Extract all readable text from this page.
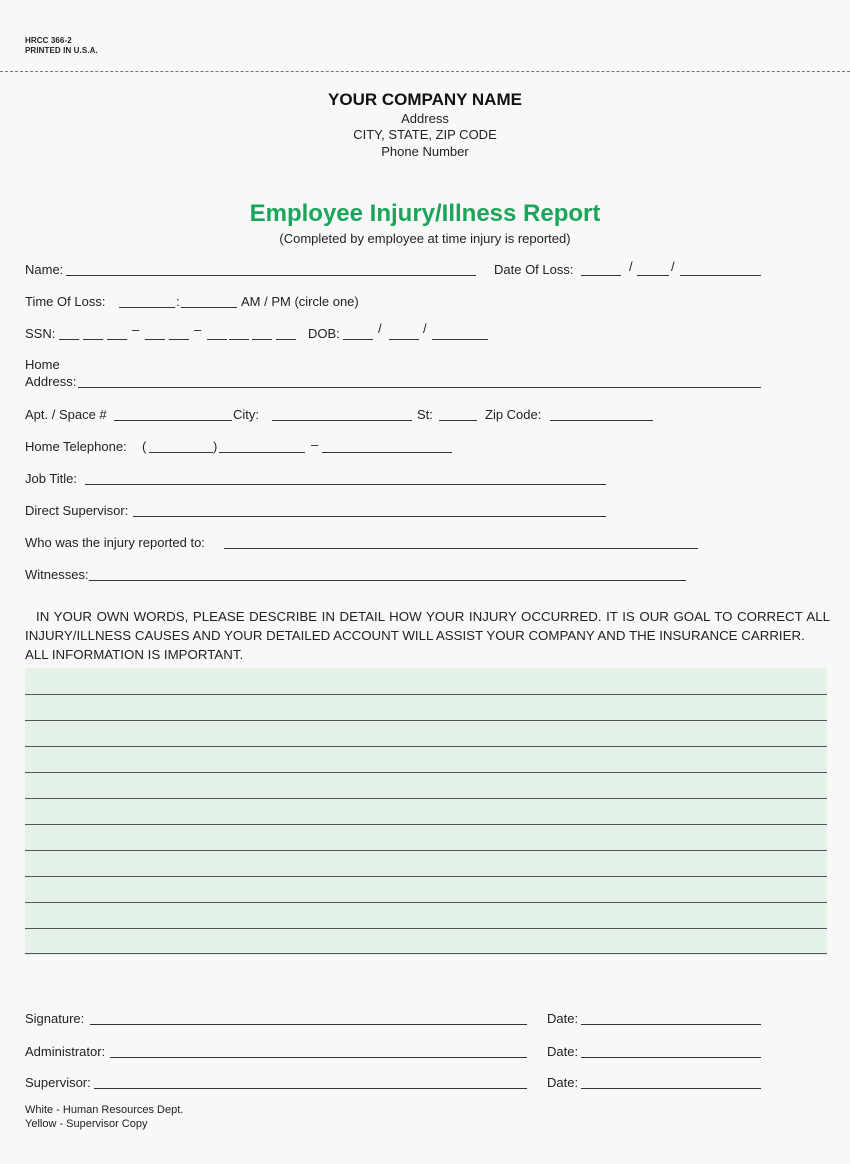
HRCC 366-2
PRINTED IN U.S.A.
YOUR COMPANY NAME
Address
CITY, STATE, ZIP CODE
Phone Number
Employee Injury/Illness Report
(Completed by employee at time injury is reported)
Name:	Date Of Loss:	/	/
Time Of Loss:	:	AM / PM (circle one)
SSN:	–	–	DOB:	/	/
Home
Address:
Apt. / Space #	City:	St:	Zip Code:
Home Telephone: (	)	–
Job Title:
Direct Supervisor:
Who was the injury reported to:
Witnesses:
IN YOUR OWN WORDS, PLEASE DESCRIBE IN DETAIL HOW YOUR INJURY OCCURRED. IT IS OUR GOAL TO CORRECT ALL INJURY/ILLNESS CAUSES AND YOUR DETAILED ACCOUNT WILL ASSIST YOUR COMPANY AND THE INSURANCE CARRIER.
ALL INFORMATION IS IMPORTANT.
Signature:	Date:
Administrator:	Date:
Supervisor:	Date:
White - Human Resources Dept.
Yellow - Supervisor Copy
